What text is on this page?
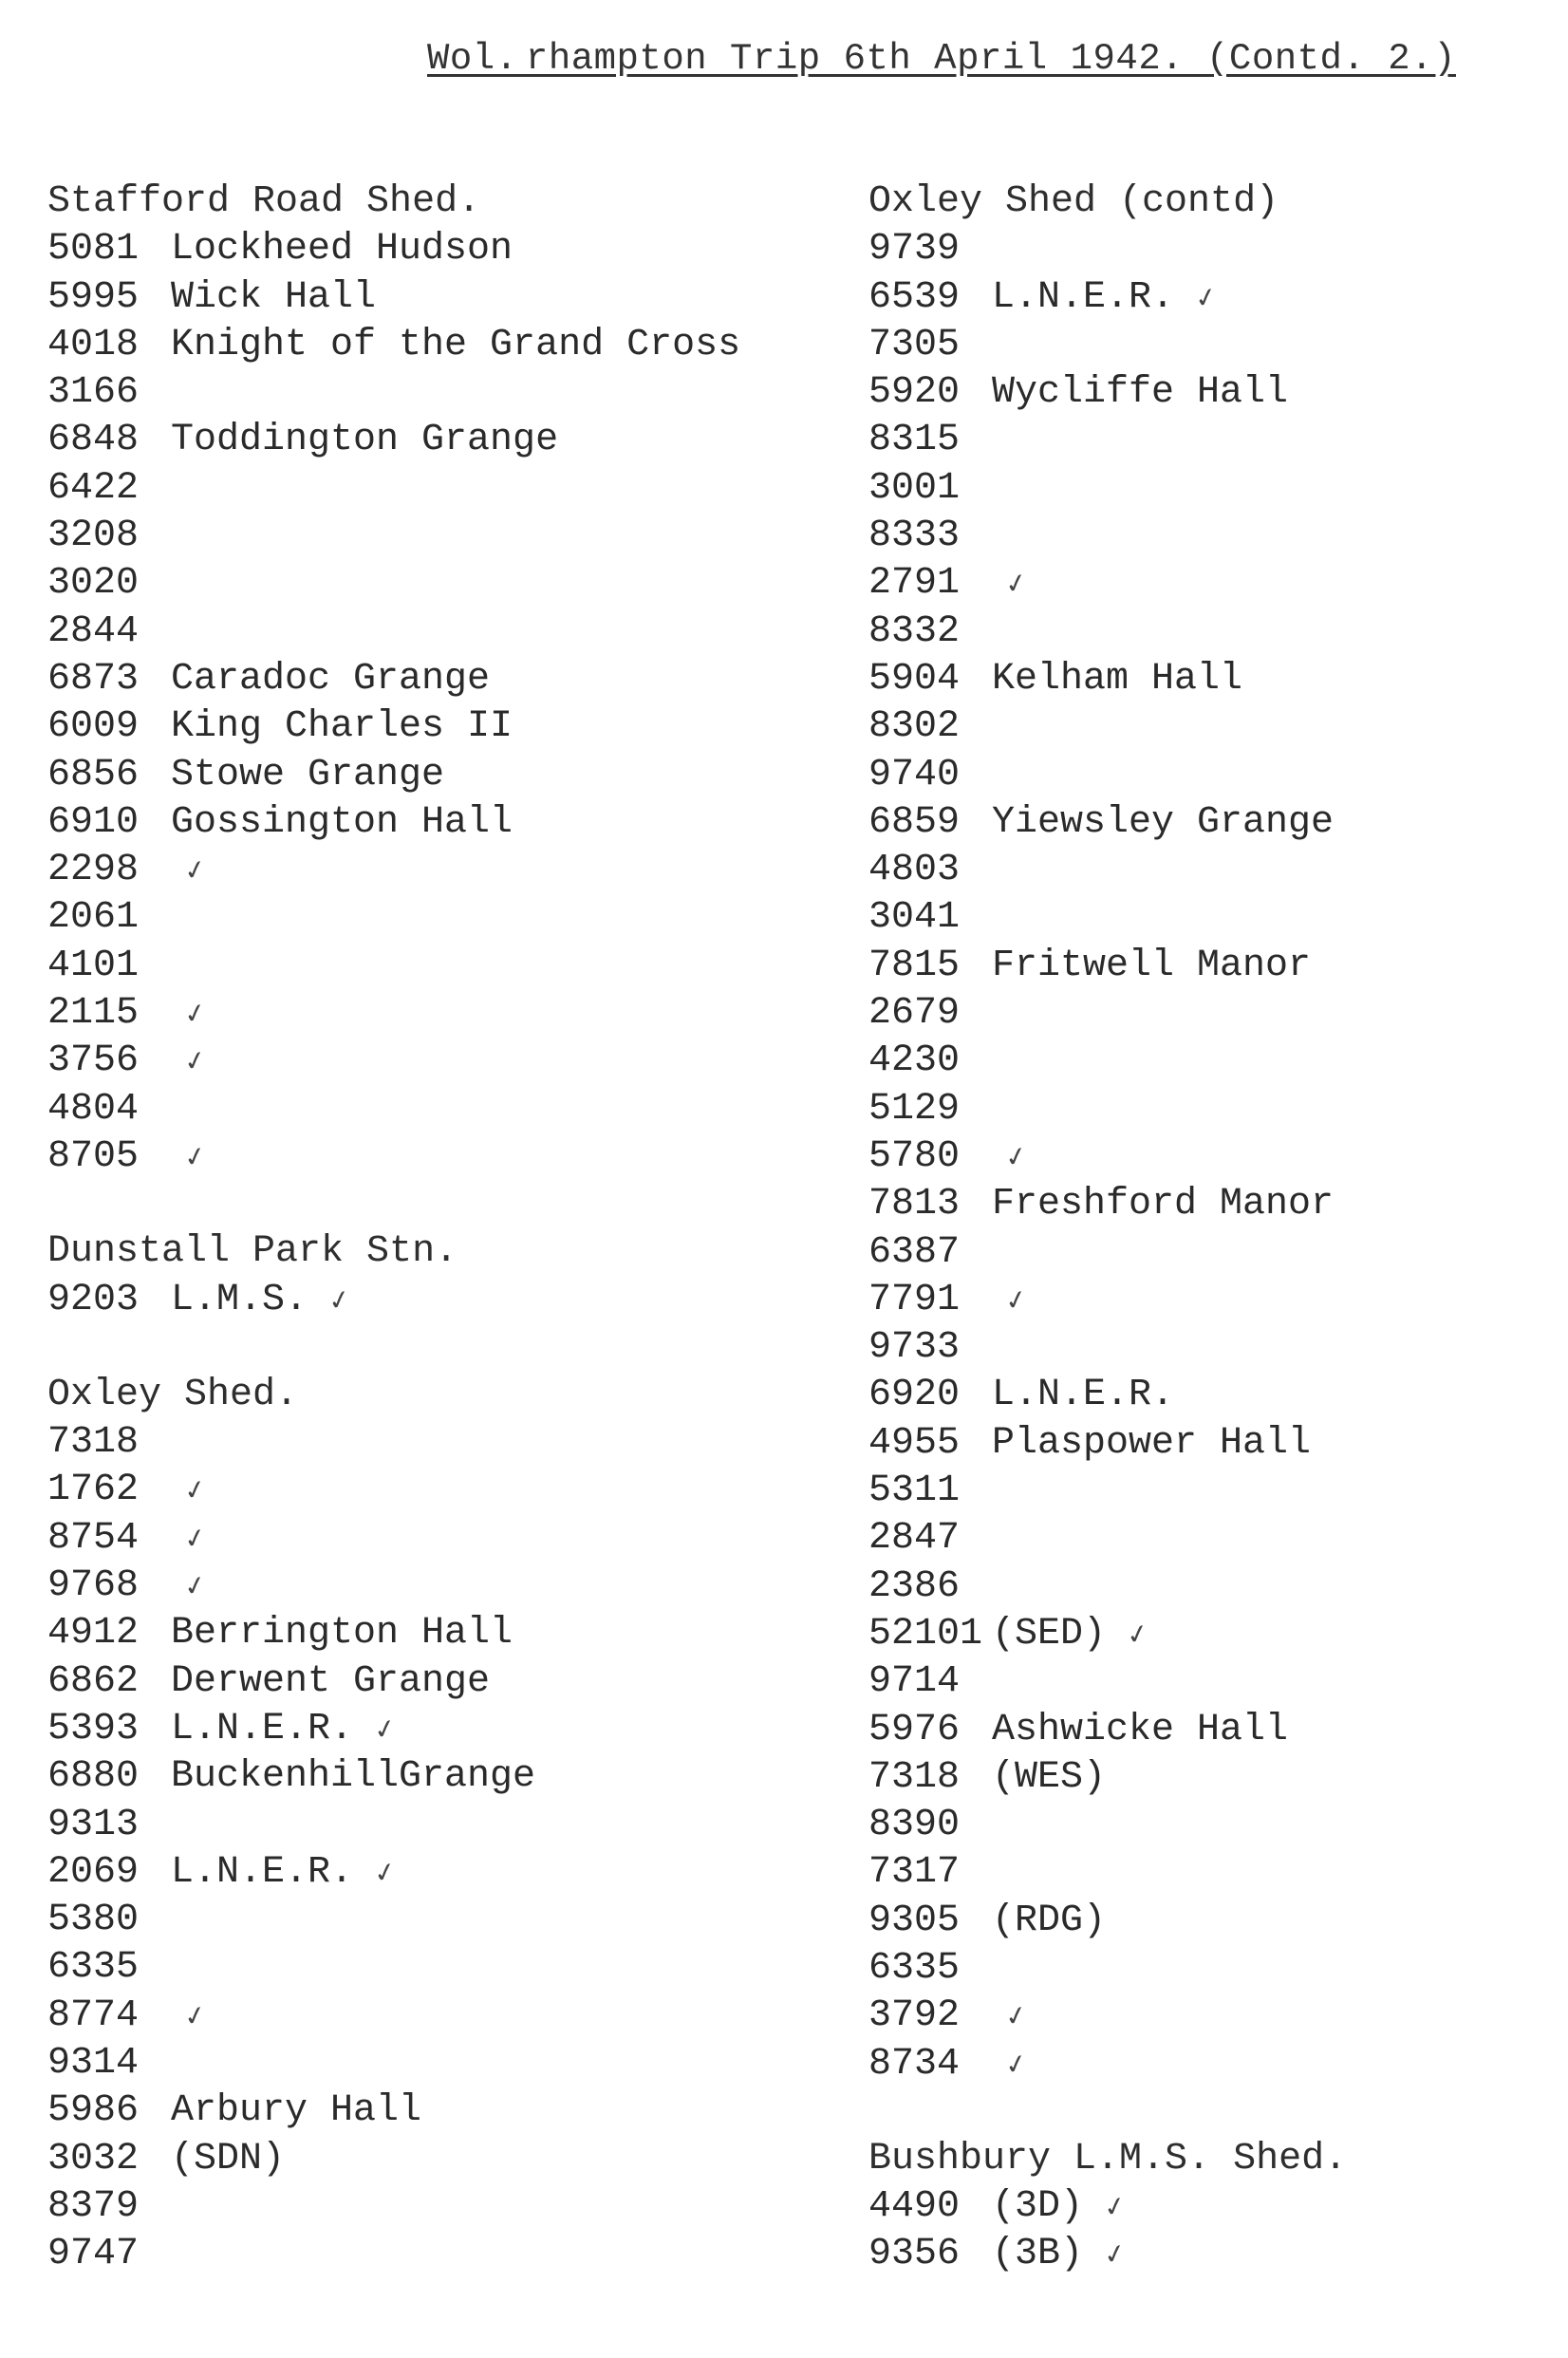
Wol. rhampton Trip 6th April 1942. (Contd. 2.)
Stafford Road Shed.
5081 Lockheed Hudson
5995 Wick Hall
4018 Knight of the Grand Cross
3166
6848 Toddington Grange
6422
3208
3020
2844
6873 Caradoc Grange
6009 King Charles II
6856 Stowe Grange
6910 Gossington Hall
2298 ✓
2061
4101
2115 ✓
3756 ✓
4804
8705 ✓
Dunstall Park Stn.
9203 L.M.S. ✓
Oxley Shed.
7318
1762 ✓
8754 ✓
9768 ✓
4912 Berrington Hall
6862 Derwent Grange
5393 L.N.E.R. ✓
6880 BuckenhillGrange
9313
2069 L.N.E.R. ✓
5380
6335
8774 ✓
9314
5986 Arbury Hall
3032 (SDN)
8379
9747
Oxley Shed (contd)
9739
6539 L.N.E.R. ✓
7305
5920 Wycliffe Hall
8315
3001
8333
2791 ✓
8332
5904 Kelham Hall
8302
9740
6859 Yiewsley Grange
4803
3041
7815 Fritwell Manor
2679
4230
5129
5780 ✓
7813 Freshford Manor
6387
7791 ✓
9733
6920 L.N.E.R.
4955 Plaspower Hall
5311
2847
2386
52101 (SED) ✓
9714
5976 Ashwicke Hall
7318 (WES)
8390
7317
9305 (RDG)
6335
3792 ✓
8734 ✓
Bushbury L.M.S. Shed.
4490 (3D) ✓
9356 (3B) ✓
